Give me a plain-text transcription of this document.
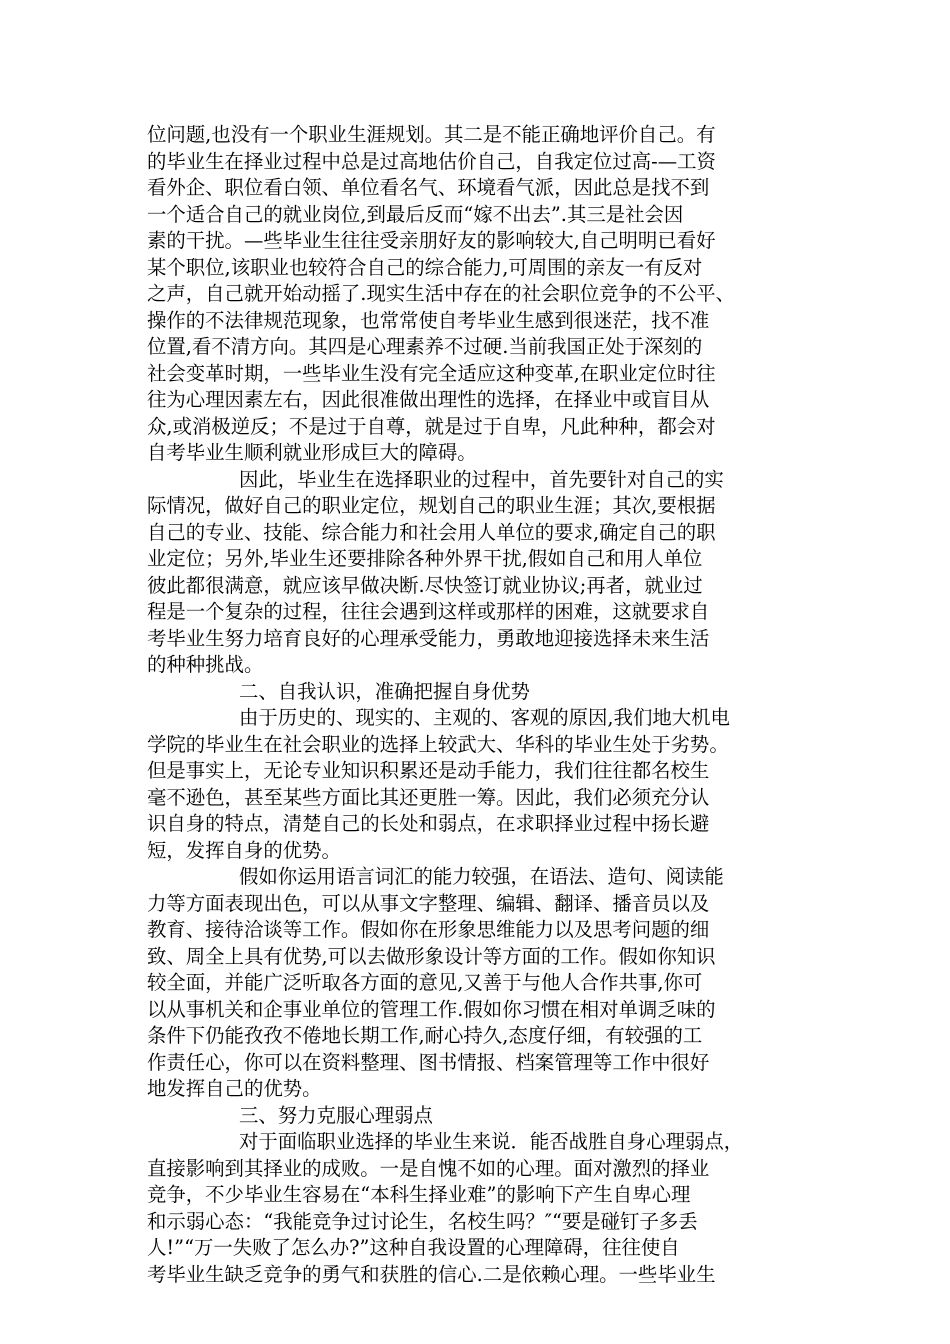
位问题,也没有一个职业生涯规划。其二是不能正确地评价自己。有
的毕业生在择业过程中总是过高地估价自己，自我定位过高-—工资
看外企、职位看白领、单位看名气、环境看气派，因此总是找不到
一个适合自己的就业岗位,到最后反而“嫁不出去”.其三是社会因
素的干扰。—些毕业生往往受亲朋好友的影响较大,自己明明已看好
某个职位,该职业也较符合自己的综合能力,可周围的亲友一有反对
之声，自己就开始动摇了.现实生活中存在的社会职位竞争的不公平、
操作的不法律规范现象，也常常使自考毕业生感到很迷茫，找不准
位置,看不清方向。其四是心理素养不过硬.当前我国正处于深刻的
社会变革时期，一些毕业生没有完全适应这种变革,在职业定位时往
往为心理因素左右，因此很准做出理性的选择，在择业中或盲目从
众,或消极逆反；不是过于自尊，就是过于自卑，凡此种种，都会对
自考毕业生顺利就业形成巨大的障碍。
因此，毕业生在选择职业的过程中，首先要针对自己的实
际情况，做好自己的职业定位，规划自己的职业生涯；其次,要根据
自己的专业、技能、综合能力和社会用人单位的要求,确定自己的职
业定位；另外,毕业生还要排除各种外界干扰,假如自己和用人单位
彼此都很满意，就应该早做决断.尽快签订就业协议;再者，就业过
程是一个复杂的过程，往往会遇到这样或那样的困难，这就要求自
考毕业生努力培育良好的心理承受能力，勇敢地迎接选择未来生活
的种种挑战。
二、自我认识，准确把握自身优势
由于历史的、现实的、主观的、客观的原因,我们地大机电
学院的毕业生在社会职业的选择上较武大、华科的毕业生处于劣势。
但是事实上，无论专业知识积累还是动手能力，我们往往都名校生
毫不逊色，甚至某些方面比其还更胜一筹。因此，我们必须充分认
识自身的特点，清楚自己的长处和弱点，在求职择业过程中扬长避
短，发挥自身的优势。
假如你运用语言词汇的能力较强，在语法、造句、阅读能
力等方面表现出色，可以从事文字整理、编辑、翻译、播音员以及
教育、接待洽谈等工作。假如你在形象思维能力以及思考问题的细
致、周全上具有优势,可以去做形象设计等方面的工作。假如你知识
较全面，并能广泛听取各方面的意见,又善于与他人合作共事,你可
以从事机关和企事业单位的管理工作.假如你习惯在相对单调乏味的
条件下仍能孜孜不倦地长期工作,耐心持久,态度仔细，有较强的工
作责任心，你可以在资料整理、图书情报、档案管理等工作中很好
地发挥自己的优势。
三、努力克服心理弱点
对于面临职业选择的毕业生来说．能否战胜自身心理弱点，
直接影响到其择业的成败。一是自愧不如的心理。面对激烈的择业
竞争，不少毕业生容易在“本科生择业难”的影响下产生自卑心理
和示弱心态：“我能竞争过讨论生，名校生吗？″“要是碰钉子多丢
人!”“万一失败了怎么办?”这种自我设置的心理障碍，往往使自
考毕业生缺乏竞争的勇气和获胜的信心.二是依赖心理。一些毕业生
